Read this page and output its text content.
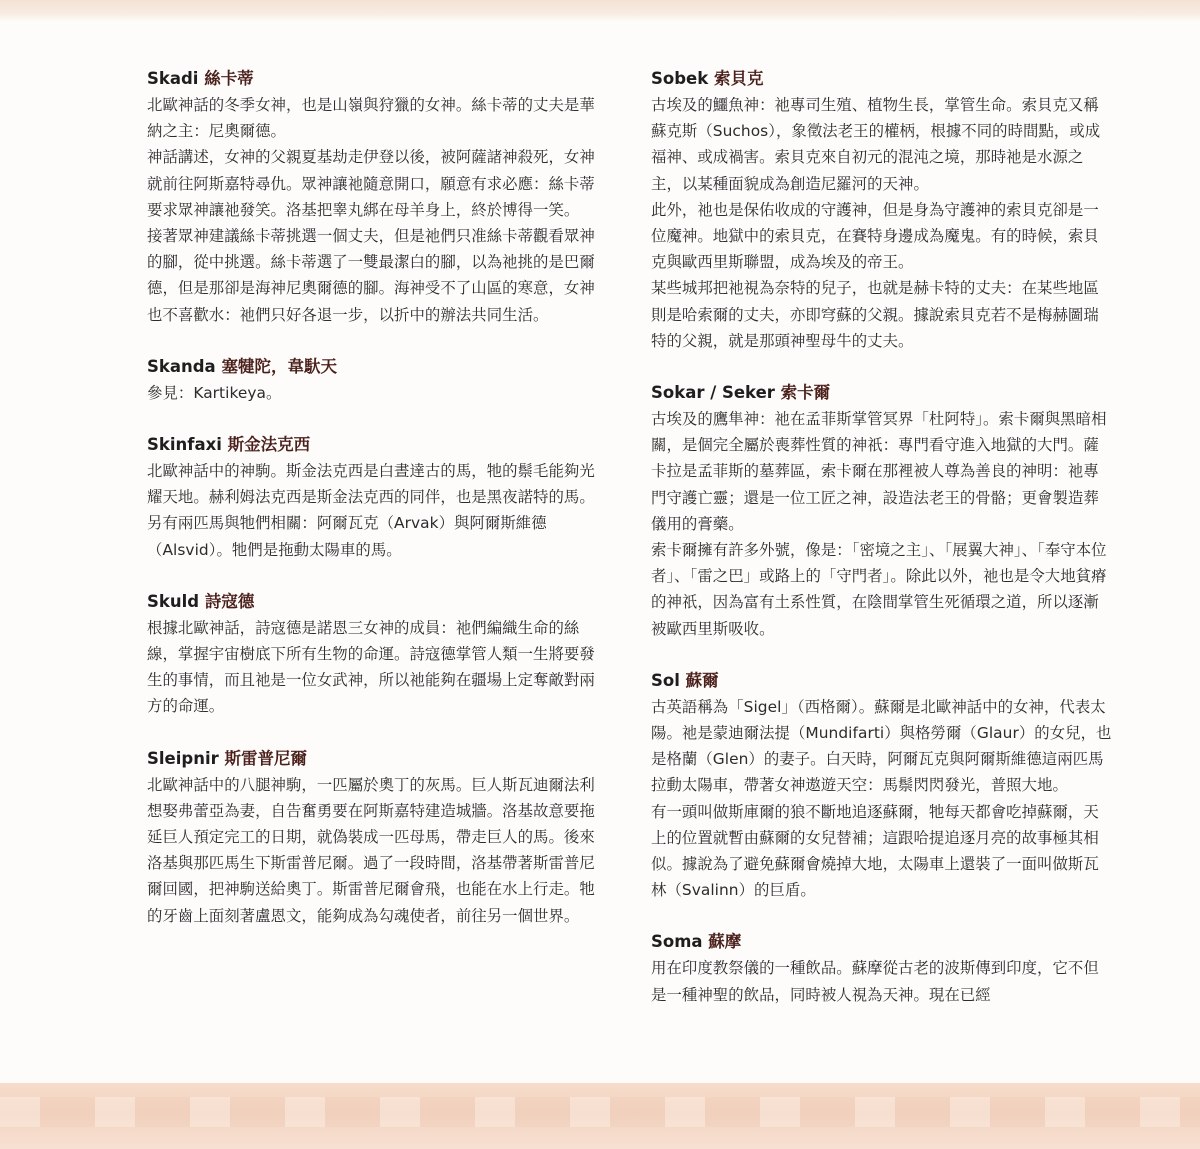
Skadi 絲卡蒂

北歐神話的冬季女神，也是山嶺與狩獵的女神。絲卡蒂的丈夫是華納之主：尼奧爾德。

神話講述，女神的父親夏基劫走伊登以後，被阿薩諸神殺死，女神就前往阿斯嘉特尋仇。眾神讓祂隨意開口，願意有求必應：絲卡蒂要求眾神讓祂發笑。洛基把睾丸綁在母羊身上，終於博得一笑。

接著眾神建議絲卡蒂挑選一個丈夫，但是祂們只准絲卡蒂觀看眾神的腳，從中挑選。絲卡蒂選了一雙最潔白的腳，以為祂挑的是巴爾德，但是那卻是海神尼奧爾德的腳。海神受不了山區的寒意，女神也不喜歡水：祂們只好各退一步，以折中的辦法共同生活。

Skanda 塞犍陀，韋馱天

參見：Kartikeya。

Skinfaxi 斯金法克西

北歐神話中的神駒。斯金法克西是白晝達古的馬，牠的鬃毛能夠光耀天地。赫利姆法克西是斯金法克西的同伴，也是黑夜諾特的馬。另有兩匹馬與牠們相關：阿爾瓦克（Arvak）與阿爾斯維德（Alsvid）。牠們是拖動太陽車的馬。

Skuld 詩寇德

根據北歐神話，詩寇德是諾恩三女神的成員：祂們編織生命的絲線，掌握宇宙樹底下所有生物的命運。詩寇德掌管人類一生將要發生的事情，而且祂是一位女武神，所以祂能夠在疆場上定奪敵對兩方的命運。

Sleipnir 斯雷普尼爾

北歐神話中的八腿神駒，一匹屬於奧丁的灰馬。巨人斯瓦迪爾法利想娶弗蕾亞為妻，自告奮勇要在阿斯嘉特建造城牆。洛基故意要拖延巨人預定完工的日期，就偽裝成一匹母馬，帶走巨人的馬。後來洛基與那匹馬生下斯雷普尼爾。過了一段時間，洛基帶著斯雷普尼爾回國，把神駒送給奧丁。斯雷普尼爾會飛，也能在水上行走。牠的牙齒上面刻著盧恩文，能夠成為勾魂使者，前往另一個世界。

Sobek 索貝克

古埃及的鱷魚神：祂專司生殖、植物生長，掌管生命。索貝克又稱蘇克斯（Suchos），象徵法老王的權柄，根據不同的時間點，或成福神、或成禍害。索貝克來自初元的混沌之境，那時祂是水源之主，以某種面貌成為創造尼羅河的天神。

此外，祂也是保佑收成的守護神，但是身為守護神的索貝克卻是一位魔神。地獄中的索貝克，在賽特身邊成為魔鬼。有的時候，索貝克與歐西里斯聯盟，成為埃及的帝王。

某些城邦把祂視為奈特的兒子，也就是赫卡特的丈夫：在某些地區則是哈索爾的丈夫，亦即穹蘇的父親。據說索貝克若不是梅赫圖瑞特的父親，就是那頭神聖母牛的丈夫。

Sokar / Seker 索卡爾

古埃及的鷹隼神：祂在孟菲斯掌管冥界「杜阿特」。索卡爾與黑暗相關，是個完全屬於喪葬性質的神祇：專門看守進入地獄的大門。薩卡拉是孟菲斯的墓葬區，索卡爾在那裡被人尊為善良的神明：祂專門守護亡靈；還是一位工匠之神，設造法老王的骨骼；更會製造葬儀用的膏藥。

索卡爾擁有許多外號，像是：「密境之主」、「展翼大神」、「奉守本位者」、「雷之巴」或路上的「守門者」。除此以外，祂也是令大地貧瘠的神祇，因為富有土系性質，在陰間掌管生死循環之道，所以逐漸被歐西里斯吸收。

Sol 蘇爾

古英語稱為「Sigel」（西格爾）。蘇爾是北歐神話中的女神，代表太陽。祂是蒙迪爾法提（Mundifarti）與格勞爾（Glaur）的女兒，也是格蘭（Glen）的妻子。白天時，阿爾瓦克與阿爾斯維德這兩匹馬拉動太陽車，帶著女神遨遊天空：馬鬃閃閃發光，普照大地。

有一頭叫做斯庫爾的狼不斷地追逐蘇爾，牠每天都會吃掉蘇爾，天上的位置就暫由蘇爾的女兒替補；這跟哈提追逐月亮的故事極其相似。據說為了避免蘇爾會燒掉大地，太陽車上還裝了一面叫做斯瓦林（Svalinn）的巨盾。

Soma 蘇摩

用在印度教祭儀的一種飲品。蘇摩從古老的波斯傳到印度，它不但是一種神聖的飲品，同時被人視為天神。現在已經
